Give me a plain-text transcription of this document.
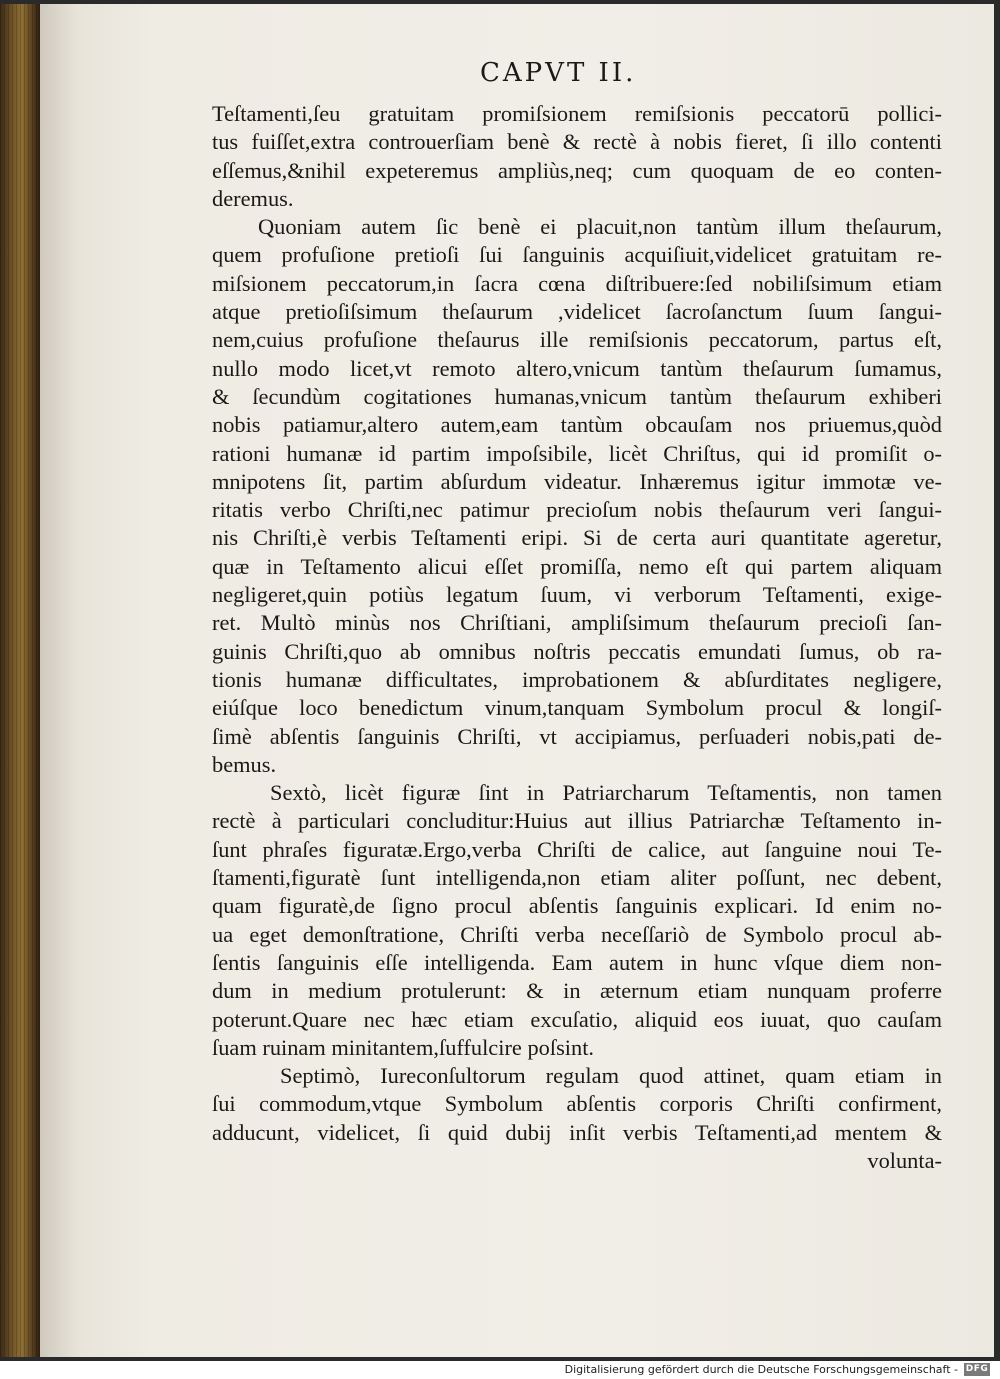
CAPVT II.
Teſtamenti,ſeu gratuitam promiſsionem remiſsionis peccatorū pollici-
tus fuiſſet,extra controuerſiam benè & rectè à nobis fieret, ſi illo contenti
eſſemus,&nihil expeteremus ampliùs,neq; cum quoquam de eo conten-
deremus.
Quoniam autem ſic benè ei placuit,non tantùm illum theſaurum,
quem profuſione pretioſi ſui ſanguinis acquiſiuit,videlicet gratuitam re-
miſsionem peccatorum,in ſacra cœna diſtribuere:ſed nobiliſsimum etiam
atque pretioſiſsimum theſaurum ,videlicet ſacroſanctum ſuum ſangui-
nem,cuius profuſione theſaurus ille remiſsionis peccatorum, partus eſt,
nullo modo licet,vt remoto altero,vnicum tantùm theſaurum ſumamus,
& ſecundùm cogitationes humanas,vnicum tantùm theſaurum exhiberi
nobis patiamur,altero autem,eam tantùm obcauſam nos priuemus,quòd
rationi humanæ id partim impoſsibile, licèt Chriſtus, qui id promiſit o-
mnipotens ſit, partim abſurdum videatur. Inhæremus igitur immotæ ve-
ritatis verbo Chriſti,nec patimur precioſum nobis theſaurum veri ſangui-
nis Chriſti,è verbis Teſtamenti eripi. Si de certa auri quantitate ageretur,
quæ in Teſtamento alicui eſſet promiſſa, nemo eſt qui partem aliquam
negligeret,quin potiùs legatum ſuum, vi verborum Teſtamenti, exige-
ret. Multò minùs nos Chriſtiani, ampliſsimum theſaurum precioſi ſan-
guinis Chriſti,quo ab omnibus noſtris peccatis emundati ſumus, ob ra-
tionis humanæ difficultates, improbationem & abſurditates negligere,
eiúſque loco benedictum vinum,tanquam Symbolum procul & longiſ-
ſimè abſentis ſanguinis Chriſti, vt accipiamus, perſuaderi nobis,pati de-
bemus.
Sextò, licèt figuræ ſint in Patriarcharum Teſtamentis, non tamen
rectè à particulari concluditur:Huius aut illius Patriarchæ Teſtamento in-
ſunt phraſes figuratæ.Ergo,verba Chriſti de calice, aut ſanguine noui Te-
ſtamenti,figuratè ſunt intelligenda,non etiam aliter poſſunt, nec debent,
quam figuratè,de ſigno procul abſentis ſanguinis explicari. Id enim no-
ua eget demonſtratione, Chriſti verba neceſſariò de Symbolo procul ab-
ſentis ſanguinis eſſe intelligenda. Eam autem in hunc vſque diem non-
dum in medium protulerunt: & in æternum etiam nunquam proferre
poterunt.Quare nec hæc etiam excuſatio, aliquid eos iuuat, quo cauſam
ſuam ruinam minitantem,ſuffulcire poſsint.
Septimò, Iureconſultorum regulam quod attinet, quam etiam in
ſui commodum,vtque Symbolum abſentis corporis Chriſti confirment,
adducunt, videlicet, ſi quid dubij inſit verbis Teſtamenti,ad mentem &
volunta-
Digitalisierung gefördert durch die Deutsche Forschungsgemeinschaft - DFG
